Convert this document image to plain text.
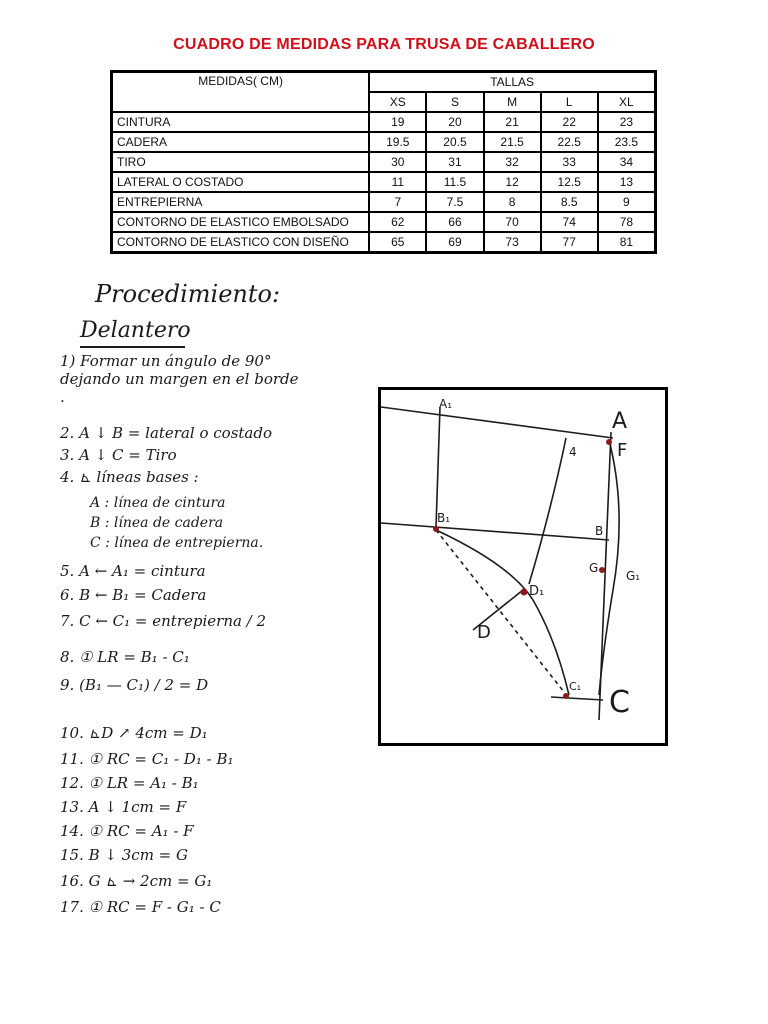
CUADRO DE MEDIDAS PARA TRUSA DE CABALLERO
MEDIDAS( CM)	TALLAS				
	XS	S	M	L	XL
CINTURA	19	20	21	22	23
CADERA	19.5	20.5	21.5	22.5	23.5
TIRO	30	31	32	33	34
LATERAL O COSTADO	11	11.5	12	12.5	13
ENTREPIERNA	7	7.5	8	8.5	9
CONTORNO DE ELASTICO EMBOLSADO	62	66	70	74	78
CONTORNO DE ELASTICO CON DISEÑO	65	69	73	77	81
Procedimiento:
Delantero
1) Formar un ángulo de 90° dejando un margen en el borde .
2. A ↓ B = lateral o costado
3. A ↓ C = Tiro
4. ⊾ líneas bases :
A : línea de cintura
B : línea de cadera
C : línea de entrepierna.
5. A ← A₁ = cintura
6. B ← B₁ = Cadera
7. C ← C₁ = entrepierna / 2
8. ① LR = B₁ - C₁
9. (B₁ — C₁) / 2 = D
10. ⊾D ↗ 4cm = D₁
11. ① RC = C₁ - D₁ - B₁
12. ① LR = A₁ - B₁
13. A ↓ 1cm = F
14. ① RC = A₁ - F
15. B ↓ 3cm = G
16. G ⊾ → 2cm = G₁
17. ① RC = F - G₁ - C
A₁
A
F
4
B₁
B
G
G₁
D₁
D
C₁ C
